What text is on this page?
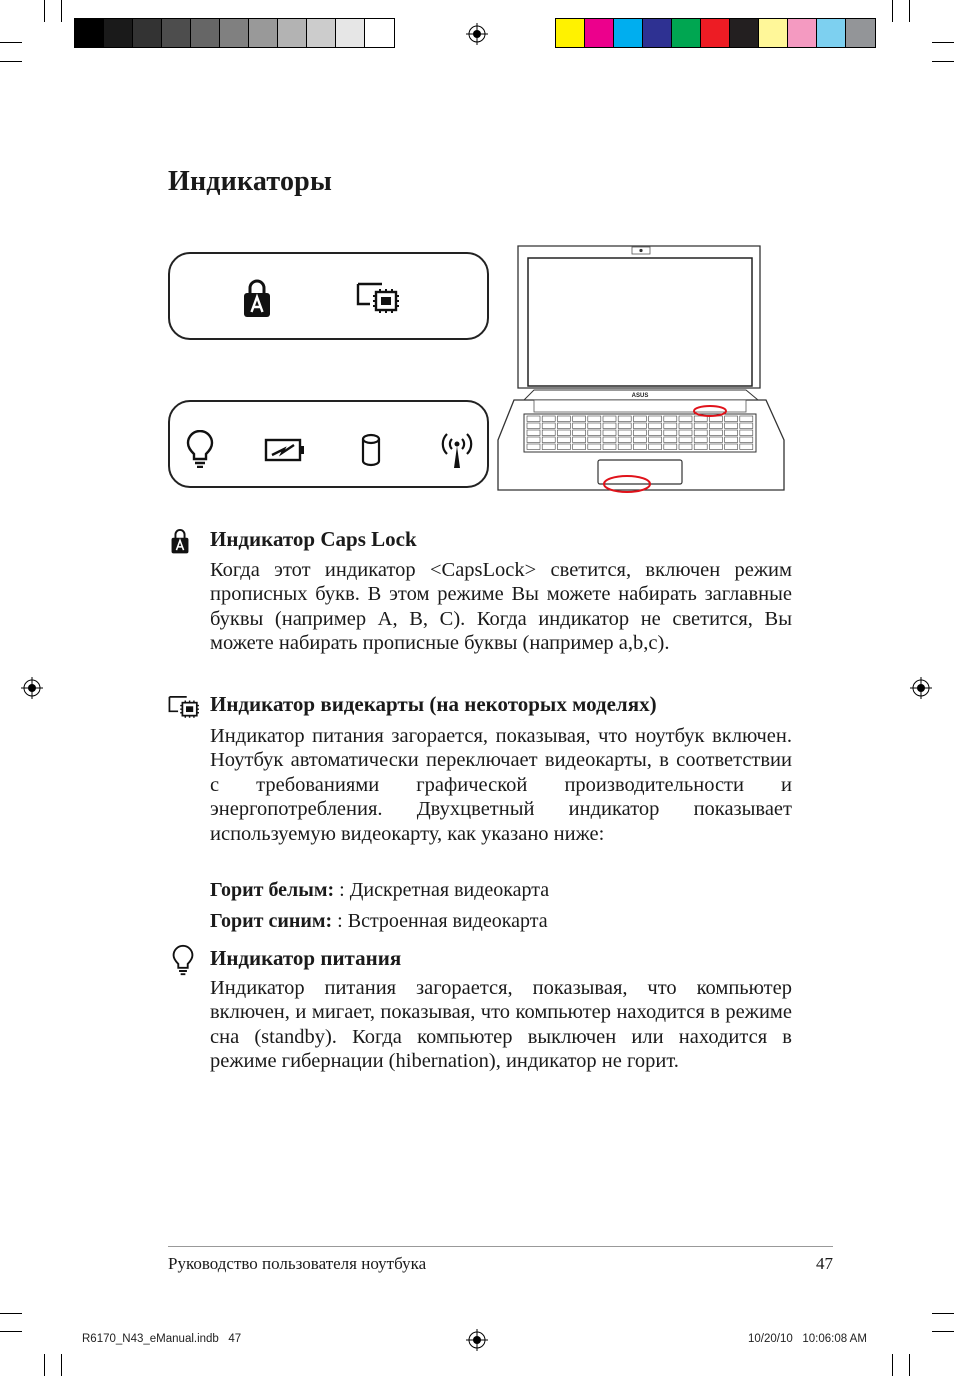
Индикаторы
ASUS
Индикатор Caps Lock

Когда этот индикатор <CapsLock> светится, включен режим прописных букв. В этом режиме Вы можете набирать заглавные буквы (например A, B, C). Когда индикатор не светится, Вы можете набирать прописные буквы (например a,b,c).

Индикатор видекарты (на некоторых моделях)

Индикатор питания загорается, показывая, что ноутбук включен. Ноутбук автоматически переключает видеокарты, в соответствии с требованиями графической производительности и энергопотребления. Двухцветный индикатор показывает используемую видеокарту, как указано ниже:

Горит белым: : Дискретная видеокарта
Горит синим: : Встроенная видеокарта
Индикатор питания

Индикатор питания загорается, показывая, что компьютер включен, и мигает, показывая, что компьютер находится в режиме сна (standby). Когда компьютер выключен или находится в режиме гибернации (hibernation), индикатор не горит.

Руководство пользователя ноутбука	47
R6170_N43_eManual.indb   47	10/20/10   10:06:08 AM
